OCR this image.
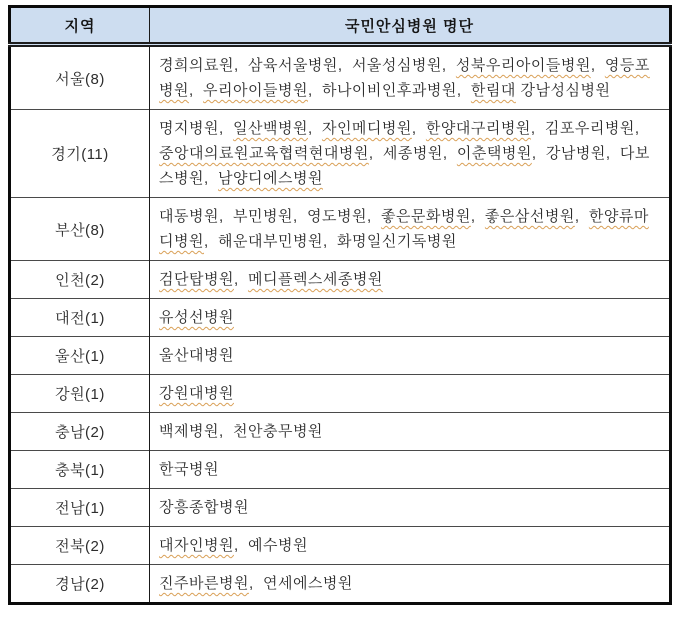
지역	국민안심병원 명단
서울(8)	경희의료원,  삼육서울병원,  서울성심병원,  성북우리아이들병원,  영등포병원,  우리아이들병원,  하나이비인후과병원,  한림대 강남성심병원
경기(11)	명지병원,  일산백병원,  자인메디병원,  한양대구리병원,  김포우리병원,  중앙대의료원교육협력현대병원,  세종병원,  이춘택병원,  강남병원,  다보스병원,  남양디에스병원
부산(8)	대동병원,  부민병원,  영도병원,  좋은문화병원,  좋은삼선병원,  한양류마디병원,  해운대부민병원,  화명일신기독병원
인천(2)	검단탑병원,  메디플렉스세종병원
대전(1)	유성선병원
울산(1)	울산대병원
강원(1)	강원대병원
충남(2)	백제병원,  천안충무병원
충북(1)	한국병원
전남(1)	장흥종합병원
전북(2)	대자인병원,  예수병원
경남(2)	진주바른병원,  연세에스병원
